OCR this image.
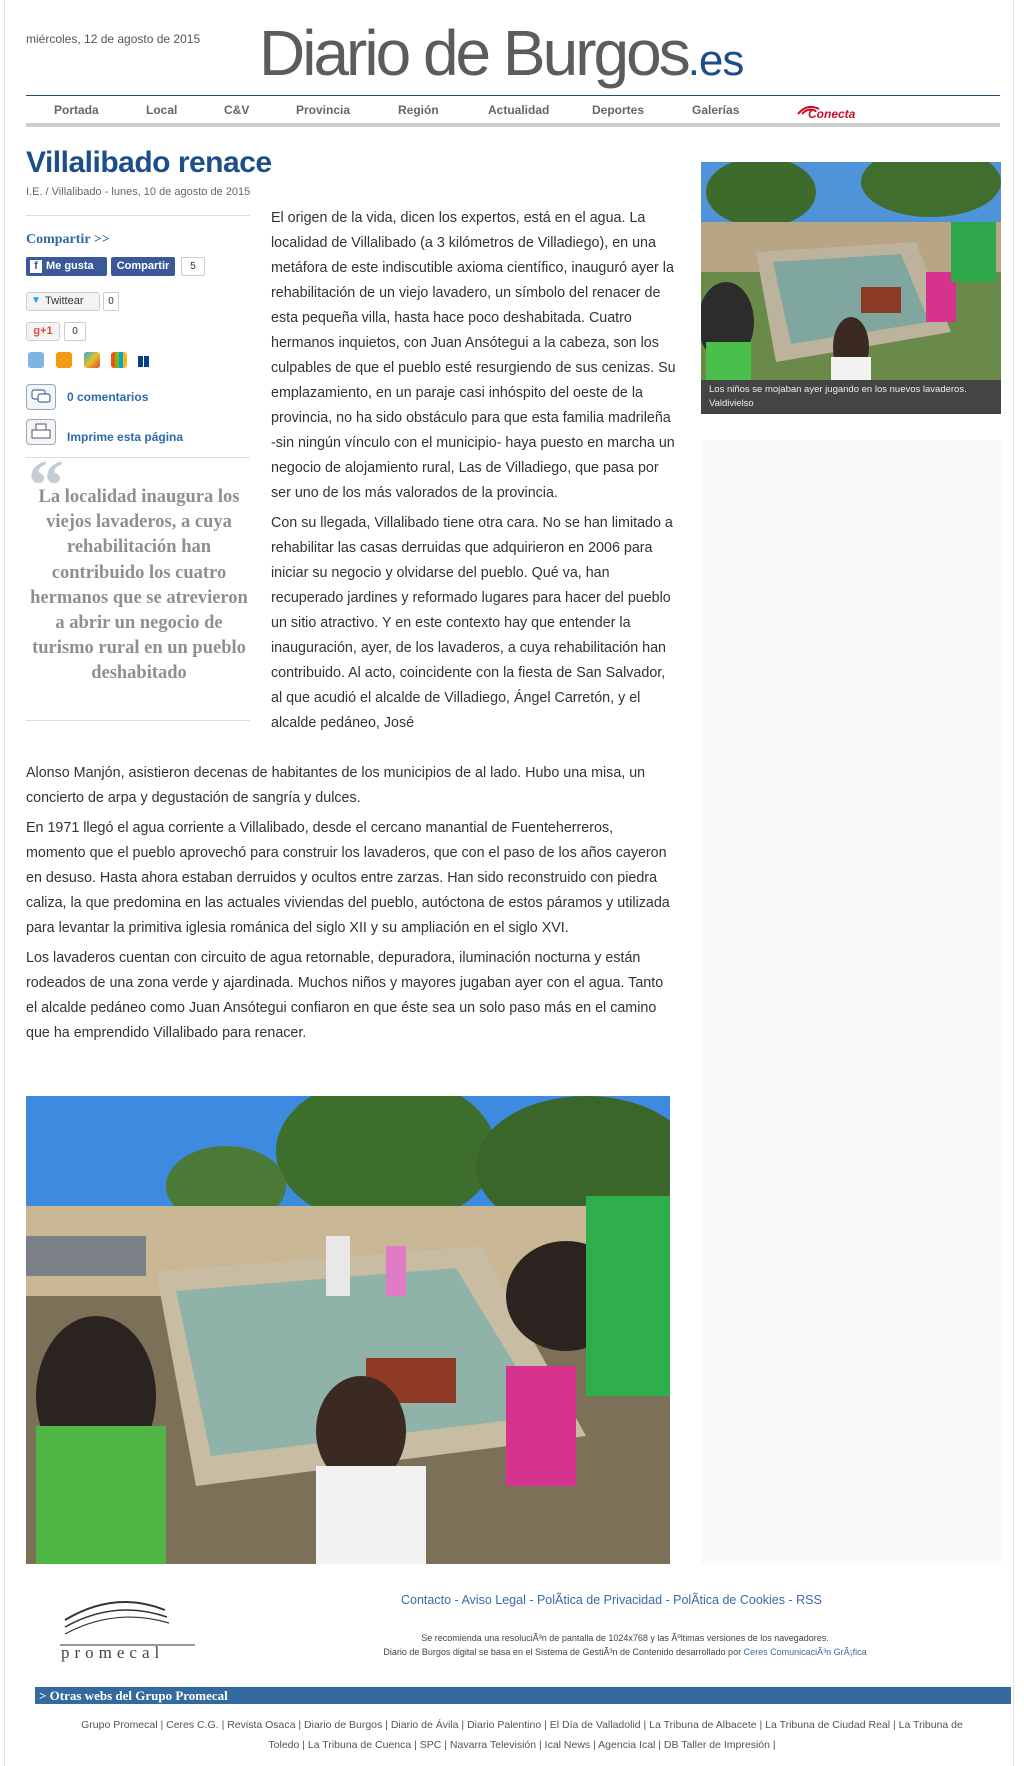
miércoles, 12 de agosto de 2015 Diario de Burgos.es
Portada	Local	C&V	Provincia	Región	Actualidad	Deportes	Galerías	Conecta
Villalibado renace
I.E. / Villalibado - lunes, 10 de agosto de 2015
Compartir >>
f Me gusta	Compartir	5
▼ Twittear	0
g+1	0
0 comentarios
Imprime esta página
“
La localidad inaugura los viejos lavaderos, a cuya rehabilitación han contribuido los cuatro hermanos que se atrevieron a abrir un negocio de turismo rural en un pueblo deshabitado

El origen de la vida, dicen los expertos, está en el agua. La localidad de Villalibado (a 3 kilómetros de Villadiego), en una metáfora de este indiscutible axioma científico, inauguró ayer la rehabilitación de un viejo lavadero, un símbolo del renacer de esta pequeña villa, hasta hace poco deshabitada. Cuatro hermanos inquietos, con Juan Ansótegui a la cabeza, son los culpables de que el pueblo esté resurgiendo de sus cenizas. Su emplazamiento, en un paraje casi inhóspito del oeste de la provincia, no ha sido obstáculo para que esta familia madrileña -sin ningún vínculo con el municipio- haya puesto en marcha un negocio de alojamiento rural, Las de Villadiego, que pasa por ser uno de los más valorados de la provincia.

Con su llegada, Villalibado tiene otra cara. No se han limitado a rehabilitar las casas derruidas que adquirieron en 2006 para iniciar su negocio y olvidarse del pueblo. Qué va, han recuperado jardines y reformado lugares para hacer del pueblo un sitio atractivo. Y en este contexto hay que entender la inauguración, ayer, de los lavaderos, a cuya rehabilitación han contribuido. Al acto, coincidente con la fiesta de San Salvador, al que acudió el alcalde de Villadiego, Ángel Carretón, y el alcalde pedáneo, José

Alonso Manjón, asistieron decenas de habitantes de los municipios de al lado. Hubo una misa, un concierto de arpa y degustación de sangría y dulces.

En 1971 llegó el agua corriente a Villalibado, desde el cercano manantial de Fuenteherreros, momento que el pueblo aprovechó para construir los lavaderos, que con el paso de los años cayeron en desuso. Hasta ahora estaban derruidos y ocultos entre zarzas. Han sido reconstruido con piedra caliza, la que predomina en las actuales viviendas del pueblo, autóctona de estos páramos y utilizada para levantar la primitiva iglesia románica del siglo XII y su ampliación en el siglo XVI.

Los lavaderos cuentan con circuito de agua retornable, depuradora, iluminación nocturna y están rodeados de una zona verde y ajardinada. Muchos niños y mayores jugaban ayer con el agua. Tanto el alcalde pedáneo como Juan Ansótegui confiaron en que éste sea un solo paso más en el camino que ha emprendido Villalibado para renacer.

Los niños se mojaban ayer jugando en los nuevos lavaderos. Valdivielso
promecal
Contacto - Aviso Legal - PolÃtica de Privacidad - PolÃtica de Cookies - RSS
Se recomienda una resoluciÃ³n de pantalla de 1024x768 y las Ãºltimas versiones de los navegadores.
Diario de Burgos digital se basa en el Sistema de GestiÃ³n de Contenido desarrollado por Ceres ComunicaciÃ³n GrÃ¡fica
> Otras webs del Grupo Promecal
Grupo Promecal | Ceres C.G. | Revista Osaca | Diario de Burgos | Diario de Ávila | Diario Palentino | El Día de Valladolid | La Tribuna de Albacete | La Tribuna de Ciudad Real | La Tribuna de
Toledo | La Tribuna de Cuenca | SPC | Navarra Televisión | Ical News | Agencia Ical | DB Taller de Impresión |
